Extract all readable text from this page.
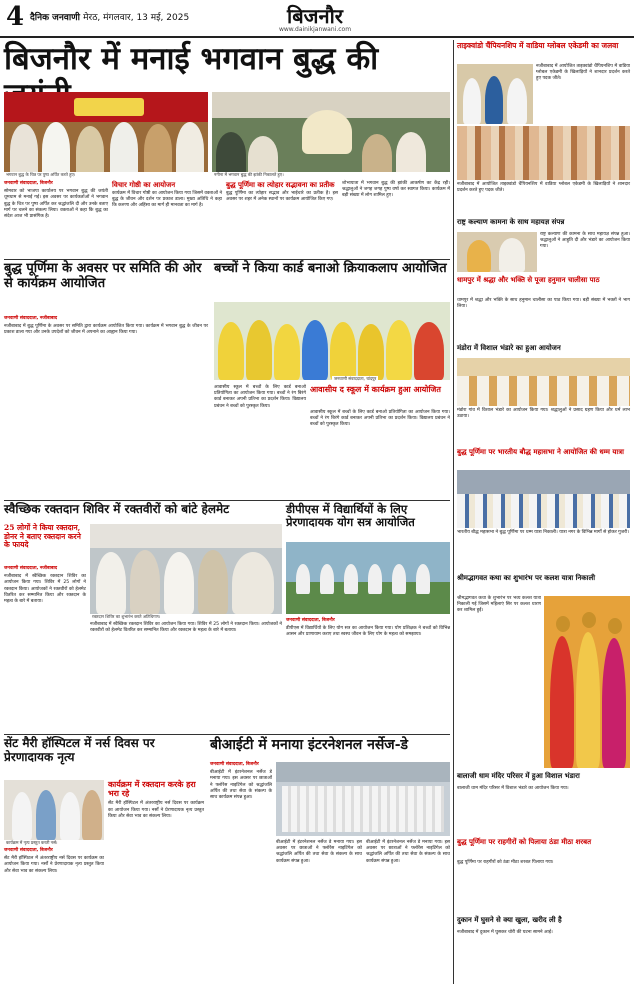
4 दैनिक जनवाणी मेरठ, मंगलवार, 13 मई, 2025	बिजनौर
www.dainikjanwani.com
बिजनौर में मनाई भगवान बुद्ध की
भगवान बुद्ध के चित्र पर पुष्प अर्पित करते हुए।	नगीना में भगवान बुद्ध की झांकी निकालते हुए।

जनवाणी संवाददाता, बिजनौर

सोमवार को भाजपा कार्यालय पर भगवान बुद्ध की जयंती धूमधाम से मनाई गई। इस अवसर पर कार्यकर्ताओं ने भगवान बुद्ध के चित्र पर पुष्प अर्पित कर श्रद्धांजलि दी और उनके बताए मार्ग पर चलने का संकल्प लिया। वक्ताओं ने कहा कि बुद्ध का संदेश आज भी प्रासंगिक है।

विचार गोष्ठी का आयोजन
कार्यक्रम में विचार गोष्ठी का आयोजन किया गया जिसमें वक्ताओं ने बुद्ध के जीवन और दर्शन पर प्रकाश डाला। मुख्य अतिथि ने कहा कि करुणा और अहिंसा का मार्ग ही मानवता का मार्ग है।
बुद्ध पूर्णिमा का त्योहार सद्भावना का प्रतीक
बुद्ध पूर्णिमा का त्योहार सद्भाव और भाईचारे का प्रतीक है। इस अवसर पर शहर में अनेक स्थानों पर कार्यक्रम आयोजित किए गए।
शोभायात्रा में भगवान बुद्ध की झांकी आकर्षण का केंद्र रही। श्रद्धालुओं ने जगह जगह पुष्प वर्षा कर स्वागत किया। कार्यक्रम में बड़ी संख्या में लोग शामिल हुए।
बुद्ध पूर्णिमा के अवसर पर समिति की ओर से कार्यक्रम आयोजित

जनवाणी संवाददाता, नजीबाबाद

नजीबाबाद में बुद्ध पूर्णिमा के अवसर पर समिति द्वारा कार्यक्रम आयोजित किया गया। कार्यक्रम में भगवान बुद्ध के जीवन पर प्रकाश डाला गया और उनके उपदेशों को जीवन में अपनाने का आह्वान किया गया।

बच्चों ने किया कार्ड बनाओ क्रियाकलाप आयोजित
जनवाणी संवाददाता, चांदपुर
आवासीय द स्कूल में कार्यक्रम हुआ आयोजित
आवासीय स्कूल में बच्चों के लिए कार्ड बनाओ प्रतियोगिता का आयोजन किया गया। बच्चों ने रंग बिरंगे कार्ड बनाकर अपनी प्रतिभा का प्रदर्शन किया। विद्यालय प्रबंधन ने बच्चों को पुरस्कृत किया।
आवासीय स्कूल में बच्चों के लिए कार्ड बनाओ प्रतियोगिता का आयोजन किया गया। बच्चों ने रंग बिरंगे कार्ड बनाकर अपनी प्रतिभा का प्रदर्शन किया। विद्यालय प्रबंधन ने बच्चों को पुरस्कृत किया।
स्वैच्छिक रक्तदान शिविर में रक्तवीरों को बांटे हेलमेट
25 लोगों ने किया रक्तदान, डोनर ने बताए रक्तदान करने के फायदे

जनवाणी संवाददाता, नजीबाबाद

नजीबाबाद में स्वैच्छिक रक्तदान शिविर का आयोजन किया गया। शिविर में 25 लोगों ने रक्तदान किया। आयोजकों ने रक्तवीरों को हेलमेट वितरित कर सम्मानित किया और रक्तदान के महत्व के बारे में बताया।

रक्तदान शिविर का शुभारंभ करते अतिथिगण।
नजीबाबाद में स्वैच्छिक रक्तदान शिविर का आयोजन किया गया। शिविर में 25 लोगों ने रक्तदान किया। आयोजकों ने रक्तवीरों को हेलमेट वितरित कर सम्मानित किया और रक्तदान के महत्व के बारे में बताया।
डीपीएस में विद्यार्थियों के लिए प्रेरणादायक योग सत्र आयोजित

जनवाणी संवाददाता, बिजनौर

डीपीएस में विद्यार्थियों के लिए योग सत्र का आयोजन किया गया। योग प्रशिक्षक ने बच्चों को विभिन्न आसन और प्राणायाम कराए तथा स्वस्थ जीवन के लिए योग के महत्व को समझाया।

सेंट मैरी हॉस्पिटल में नर्स दिवस पर प्रेरणादायक नृत्य
कार्यक्रम में नृत्य प्रस्तुत करती नर्स।

जनवाणी संवाददाता, बिजनौर

सेंट मैरी हॉस्पिटल में अंतरराष्ट्रीय नर्स दिवस पर कार्यक्रम का आयोजन किया गया। नर्सों ने प्रेरणादायक नृत्य प्रस्तुत किया और सेवा भाव का संकल्प लिया।

कार्यक्रम में रक्तदान करके हरा भरा रहे
सेंट मैरी हॉस्पिटल में अंतरराष्ट्रीय नर्स दिवस पर कार्यक्रम का आयोजन किया गया। नर्सों ने प्रेरणादायक नृत्य प्रस्तुत किया और सेवा भाव का संकल्प लिया।
बीआईटी में मनाया इंटरनेशनल नर्सेज-डे

जनवाणी संवाददाता, बिजनौर

बीआईटी में इंटरनेशनल नर्सेज डे मनाया गया। इस अवसर पर छात्राओं ने फ्लोरेंस नाइटिंगेल को श्रद्धांजलि अर्पित की तथा सेवा के संकल्प के साथ कार्यक्रम संपन्न हुआ।

बीआईटी में इंटरनेशनल नर्सेज डे मनाया गया। इस अवसर पर छात्राओं ने फ्लोरेंस नाइटिंगेल को श्रद्धांजलि अर्पित की तथा सेवा के संकल्प के साथ कार्यक्रम संपन्न हुआ।
बीआईटी में इंटरनेशनल नर्सेज डे मनाया गया। इस अवसर पर छात्राओं ने फ्लोरेंस नाइटिंगेल को श्रद्धांजलि अर्पित की तथा सेवा के संकल्प के साथ कार्यक्रम संपन्न हुआ।
ताइक्वांडो चैंपियनशिप में वाडिया ग्लोबल एकेडमी का जलवा
नजीबाबाद में आयोजित ताइक्वांडो चैंपियनशिप में वाडिया ग्लोबल एकेडमी के खिलाड़ियों ने शानदार प्रदर्शन करते हुए पदक जीते।
नजीबाबाद में आयोजित ताइक्वांडो चैंपियनशिप में वाडिया ग्लोबल एकेडमी के खिलाड़ियों ने शानदार प्रदर्शन करते हुए पदक जीते।
राष्ट्र कल्याण कामना के साथ महायज्ञ संपन्न
राष्ट्र कल्याण की कामना के साथ महायज्ञ संपन्न हुआ। श्रद्धालुओं ने आहुति दी और भंडारे का आयोजन किया गया।
धामपुर में श्रद्धा और भक्ति से पूजा हनुमान चालीसा पाठ
धामपुर में श्रद्धा और भक्ति के साथ हनुमान चालीसा का पाठ किया गया। बड़ी संख्या में भक्तों ने भाग लिया।
मंडोरा में विशाल भंडारे का हुआ आयोजन
मंडोरा गांव में विशाल भंडारे का आयोजन किया गया। श्रद्धालुओं ने प्रसाद ग्रहण किया और धर्म लाभ उठाया।
बुद्ध पूर्णिमा पर भारतीय बौद्ध महासभा ने आयोजित की धम्म यात्रा
भारतीय बौद्ध महासभा ने बुद्ध पूर्णिमा पर धम्म यात्रा निकाली। यात्रा नगर के विभिन्न मार्गों से होकर गुजरी।
श्रीमद्भागवत कथा का शुभारंभ पर कलश यात्रा निकाली
श्रीमद्भागवत कथा के शुभारंभ पर भव्य कलश यात्रा निकाली गई जिसमें महिलाएं सिर पर कलश धारण कर शामिल हुईं।
बालाजी धाम मंदिर परिसर में हुआ विशाल भंडारा
बालाजी धाम मंदिर परिसर में विशाल भंडारे का आयोजन किया गया।
बुद्ध पूर्णिमा पर राहगीरों को पिलाया ठंडा मीठा शरबत
बुद्ध पूर्णिमा पर राहगीरों को ठंडा मीठा शरबत पिलाया गया।
दुकान में घुसने से क्या खुला, खरीद ली है
नजीबाबाद में दुकान में घुसकर चोरी की घटना सामने आई।
